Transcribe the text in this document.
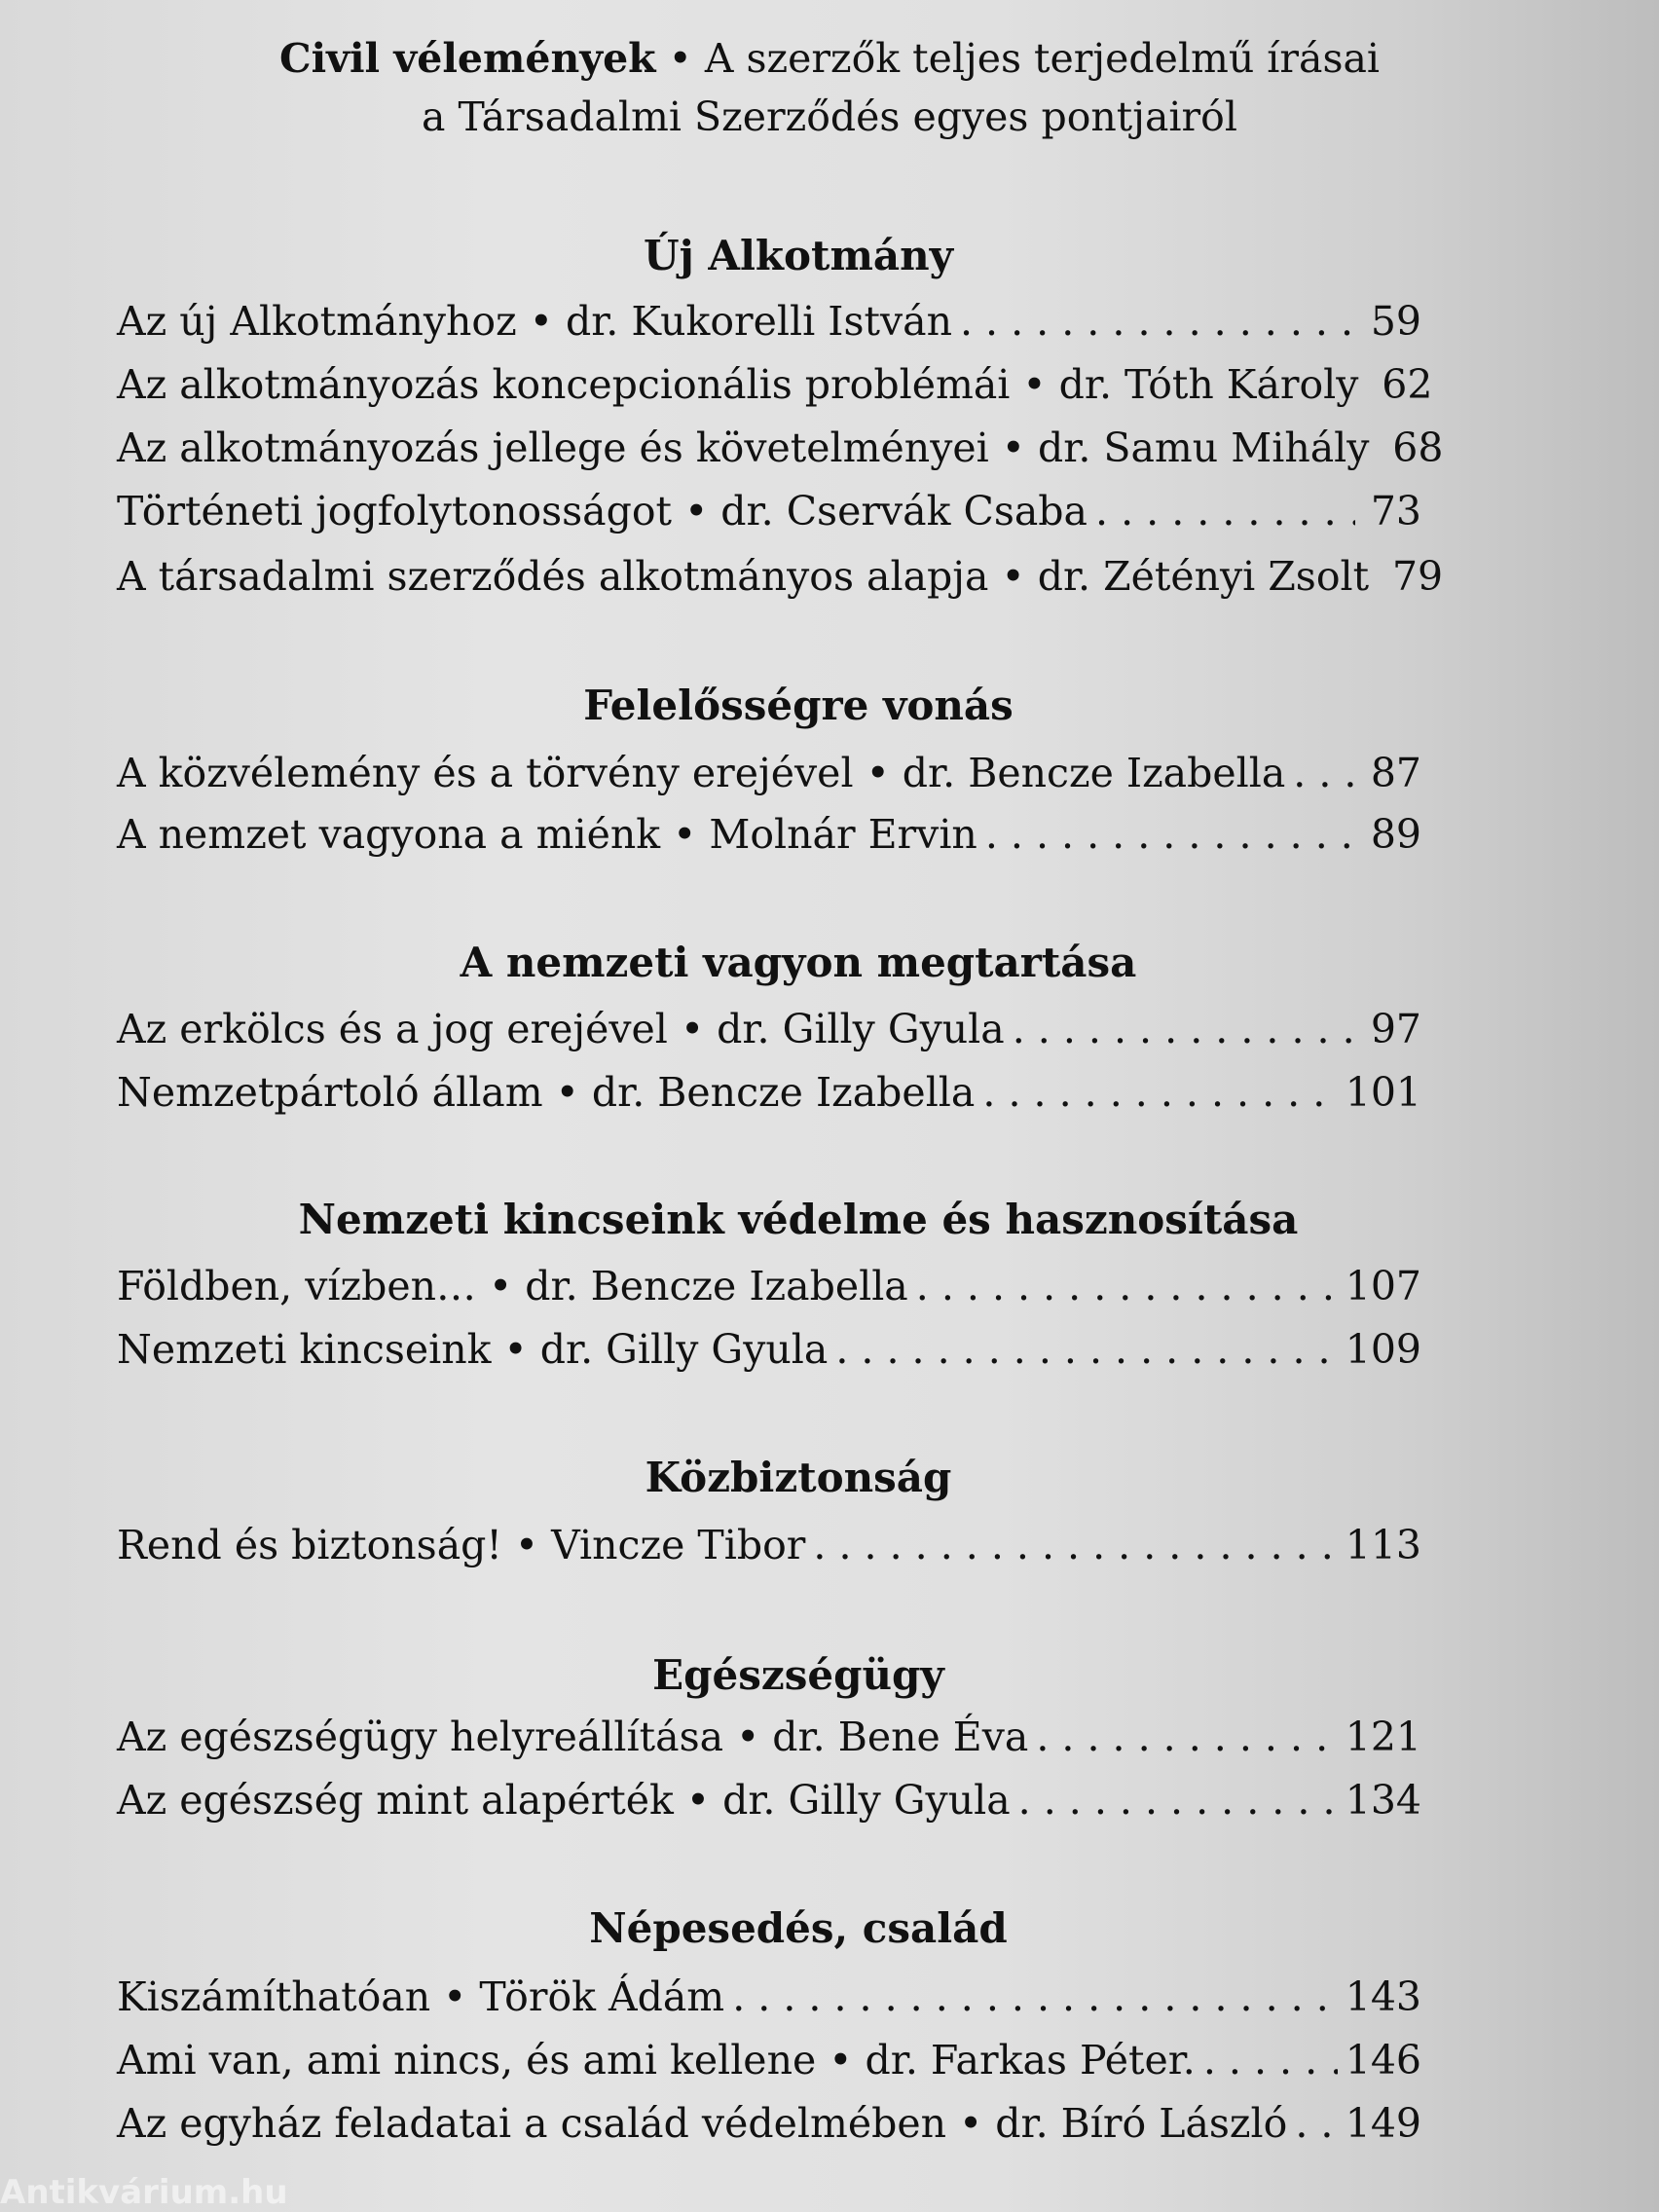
Civil vélemények • A szerzők teljes terjedelmű írásai
a Társadalmi Szerződés egyes pontjairól
Új Alkotmány
Az új Alkotmányhoz • dr. Kukorelli István . . .	59
Az alkotmányozás koncepcionális problémái • dr. Tóth Károly 62
Az alkotmányozás jellege és követelményei • dr. Samu Mihály 68
Történeti jogfolytonosságot • dr. Cservák Csaba . . .	73
A társadalmi szerződés alkotmányos alapja • dr. Zétényi Zsolt 79
Felelősségre vonás
A közvélemény és a törvény erejével • dr. Bencze Izabella . . . 87
A nemzet vagyona a miénk • Molnár Ervin . . .	89
A nemzeti vagyon megtartása
Az erkölcs és a jog erejével • dr. Gilly Gyula . . .	97
Nemzetpártoló állam • dr. Bencze Izabella . . .	101
Nemzeti kincseink védelme és hasznosítása
Földben, vízben… • dr. Bencze Izabella . . .	107
Nemzeti kincseink • dr. Gilly Gyula . . .	109
Közbiztonság
Rend és biztonság! • Vincze Tibor . . .	113
Egészségügy
Az egészségügy helyreállítása • dr. Bene Éva . . .	121
Az egészség mint alapérték • dr. Gilly Gyula . . .	134
Népesedés, család
Kiszámíthatóan • Török Ádám . . .	143
Ami van, ami nincs, és ami kellene • dr. Farkas Péter. . . .	146
Az egyház feladatai a család védelmében • dr. Bíró László . . . 149
Antikvárium.hu
